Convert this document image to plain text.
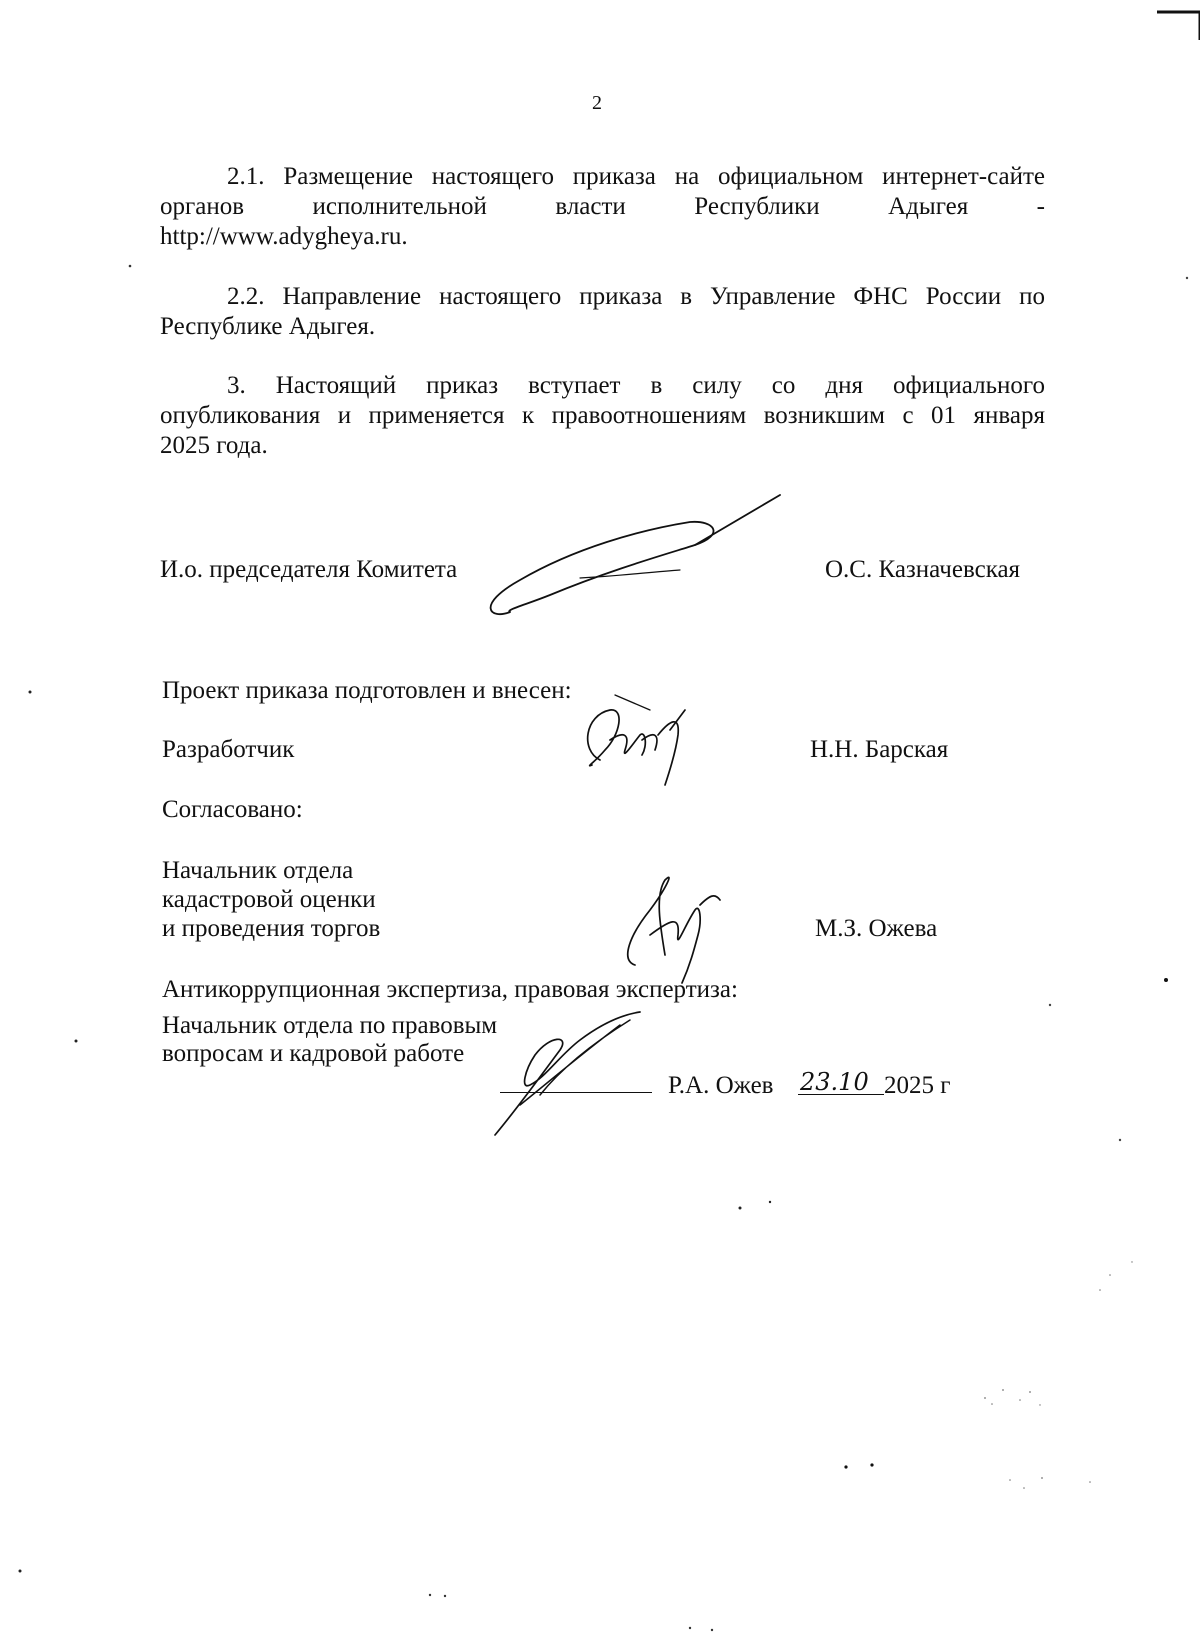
2
2.1. Размещение настоящего приказа на официальном интернет-сайте
органов исполнительной власти Республики Адыгея -
http://www.adygheya.ru.
2.2. Направление настоящего приказа в Управление ФНС России по
Республике Адыгея.
3. Настоящий приказ вступает в силу со дня официального
опубликования и применяется к правоотношениям возникшим с 01 января
2025 года.
И.о. председателя Комитета	О.С. Казначевская
Проект приказа подготовлен и внесен:
Разработчик	Н.Н. Барская
Согласовано:
Начальник отдела
кадастровой оценки
и проведения торгов	М.З. Ожева
Антикоррупционная экспертиза, правовая экспертиза:
Начальник отдела по правовым
вопросам и кадровой работе
Р.А. Ожев 23.10 2025 г
